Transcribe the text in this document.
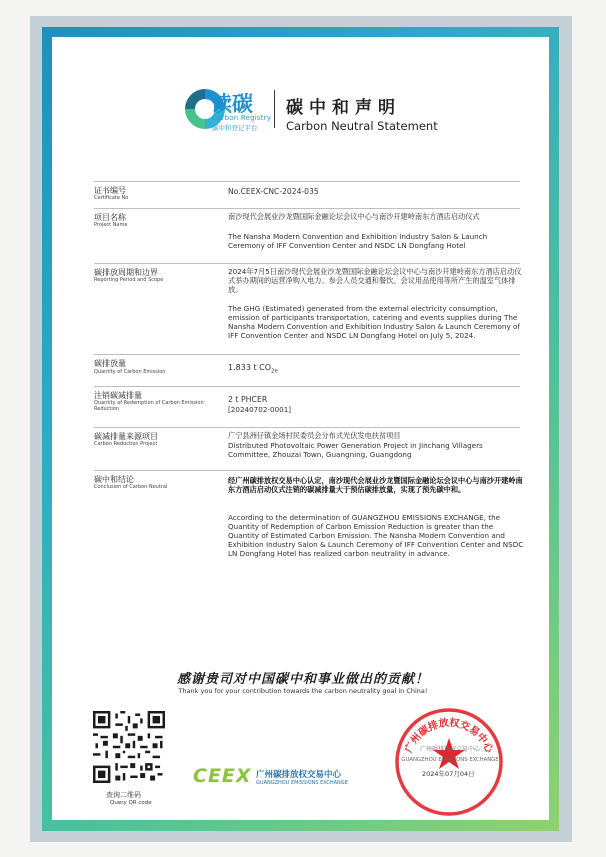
读碳
Carbon Registry
碳中和登记平台
碳中和声明
Carbon Neutral Statement
证书编号
Certificate No
No.CEEX-CNC-2024-035
项目名称
Project Name
南沙现代会展业沙龙暨国际金融论坛会议中心与南沙开建岭南东方酒店启动仪式
The Nansha Modern Convention and Exhibition Industry Salon & Launch Ceremony of IFF Convention Center and NSDC LN Dongfang Hotel
碳排放周期和边界
Reporting Period and Scope
2024年7月5日南沙现代会展业沙龙暨国际金融论坛会议中心与南沙开建岭南东方酒店启动仪式举办期间的运营净购入电力、参会人员交通和餐饮、会议用品使用等所产生的温室气体排放。
The GHG (Estimated) generated from the external electricity consumption, emission of participants transportation, catering and events supplies during The Nansha Modern Convention and Exhibition Industry Salon & Launch Ceremony of IFF Convention Center and NSDC LN Dongfang Hotel on July 5, 2024.
碳排放量
Quantity of Carbon Emission	1.833 t $CO_{2e}$
注销碳减排量
Quantity of Redemption of Carbon Emission Reduction
2 t PHCER
[20240702-0001]
碳减排量来源项目
Carbon Reduction Project
广宁县洲仔镇金场村民委员会分布式光伏发电扶贫项目
Distributed Photovoltaic Power Generation Project in Jinchang Villagers Committee, Zhouzai Town, Guangning, Guangdong
碳中和结论
Conclusion of Carbon Neutral
经广州碳排放权交易中心认定，南沙现代会展业沙龙暨国际金融论坛会议中心与南沙开建岭南东方酒店启动仪式注销的碳减排量大于预估碳排放量，实现了预先碳中和。
According to the determination of GUANGZHOU EMISSIONS EXCHANGE, the Quantity of Redemption of Carbon Emission Reduction is greater than the Quantity of Estimated Carbon Emission. The Nansha Modern Convention and Exhibition Industry Salon & Launch Ceremony of IFF Convention Center and NSDC LN Dongfang Hotel has realized carbon neutrality in advance.
感谢贵司对中国碳中和事业做出的贡献！
Thank you for your contribution towards the carbon neutrality goal in China!
查询二维码
Query QR code
CEEX 广州碳排放权交易中心
GUANGZHOU EMISSIONS EXCHANGE
广州碳排放权交易中心
广州碳排放权交易中心
GUANGZHOU EMISSIONS EXCHANGE
2024年07月04日
